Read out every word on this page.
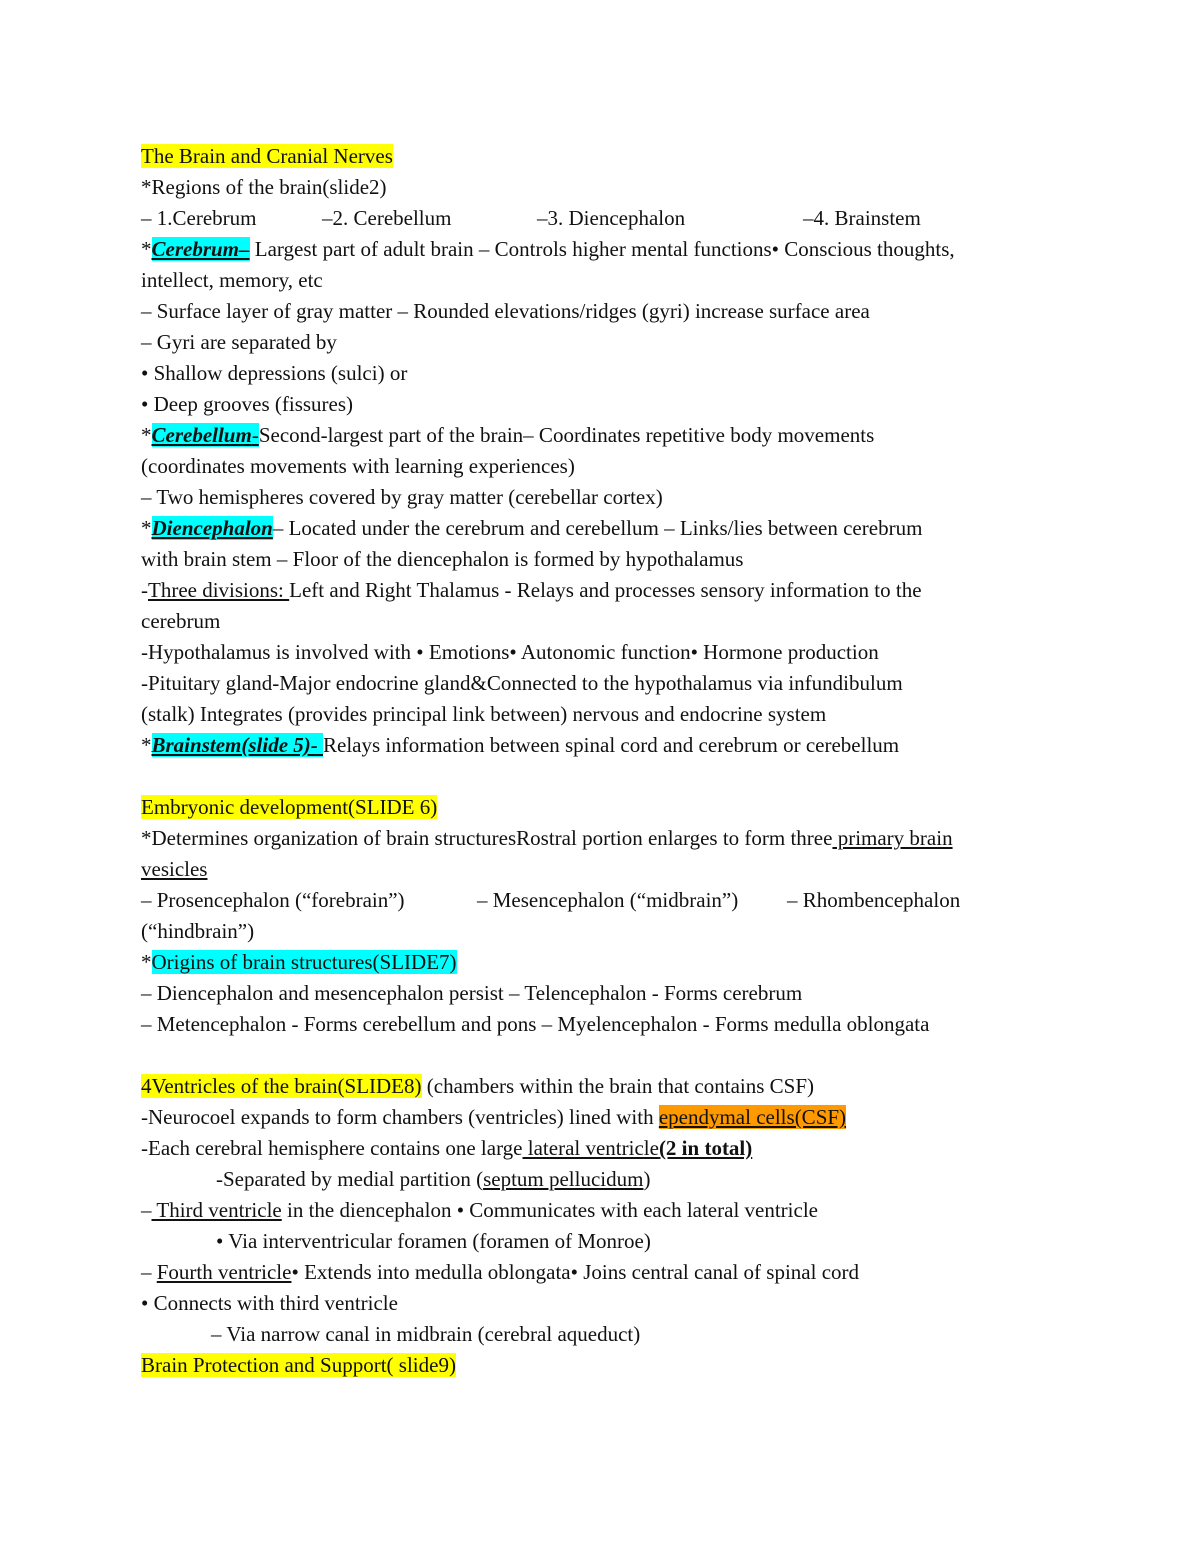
The Brain and Cranial Nerves
*Regions of the brain(slide2)
– 1.Cerebrum	–2. Cerebellum	–3. Diencephalon	–4. Brainstem
*Cerebrum– Largest part of adult brain – Controls higher mental functions• Conscious thoughts,
intellect, memory, etc
– Surface layer of gray matter – Rounded elevations/ridges (gyri) increase surface area
– Gyri are separated by
• Shallow depressions (sulci) or
• Deep grooves (fissures)
*Cerebellum-Second-largest part of the brain– Coordinates repetitive body movements
(coordinates movements with learning experiences)
– Two hemispheres covered by gray matter (cerebellar cortex)
*Diencephalon– Located under the cerebrum and cerebellum – Links/lies between cerebrum
with brain stem – Floor of the diencephalon is formed by hypothalamus
-Three divisions: Left and Right Thalamus - Relays and processes sensory information to the
cerebrum
-Hypothalamus is involved with • Emotions• Autonomic function• Hormone production
-Pituitary gland-Major endocrine gland&Connected to the hypothalamus via infundibulum
(stalk) Integrates (provides principal link between) nervous and endocrine system
*Brainstem(slide 5)- Relays information between spinal cord and cerebrum or cerebellum
Embryonic development(SLIDE 6)
*Determines organization of brain structuresRostral portion enlarges to form three primary brain
vesicles
– Prosencephalon (“forebrain”)	– Mesencephalon (“midbrain”) – Rhombencephalon
(“hindbrain”)
*Origins of brain structures(SLIDE7)
– Diencephalon and mesencephalon persist – Telencephalon - Forms cerebrum
– Metencephalon - Forms cerebellum and pons – Myelencephalon - Forms medulla oblongata
4Ventricles of the brain(SLIDE8) (chambers within the brain that contains CSF)
-Neurocoel expands to form chambers (ventricles) lined with ependymal cells(CSF)
-Each cerebral hemisphere contains one large lateral ventricle(2 in total)
-Separated by medial partition (septum pellucidum)
– Third ventricle in the diencephalon • Communicates with each lateral ventricle
• Via interventricular foramen (foramen of Monroe)
– Fourth ventricle• Extends into medulla oblongata• Joins central canal of spinal cord
• Connects with third ventricle
– Via narrow canal in midbrain (cerebral aqueduct)
Brain Protection and Support( slide9)
